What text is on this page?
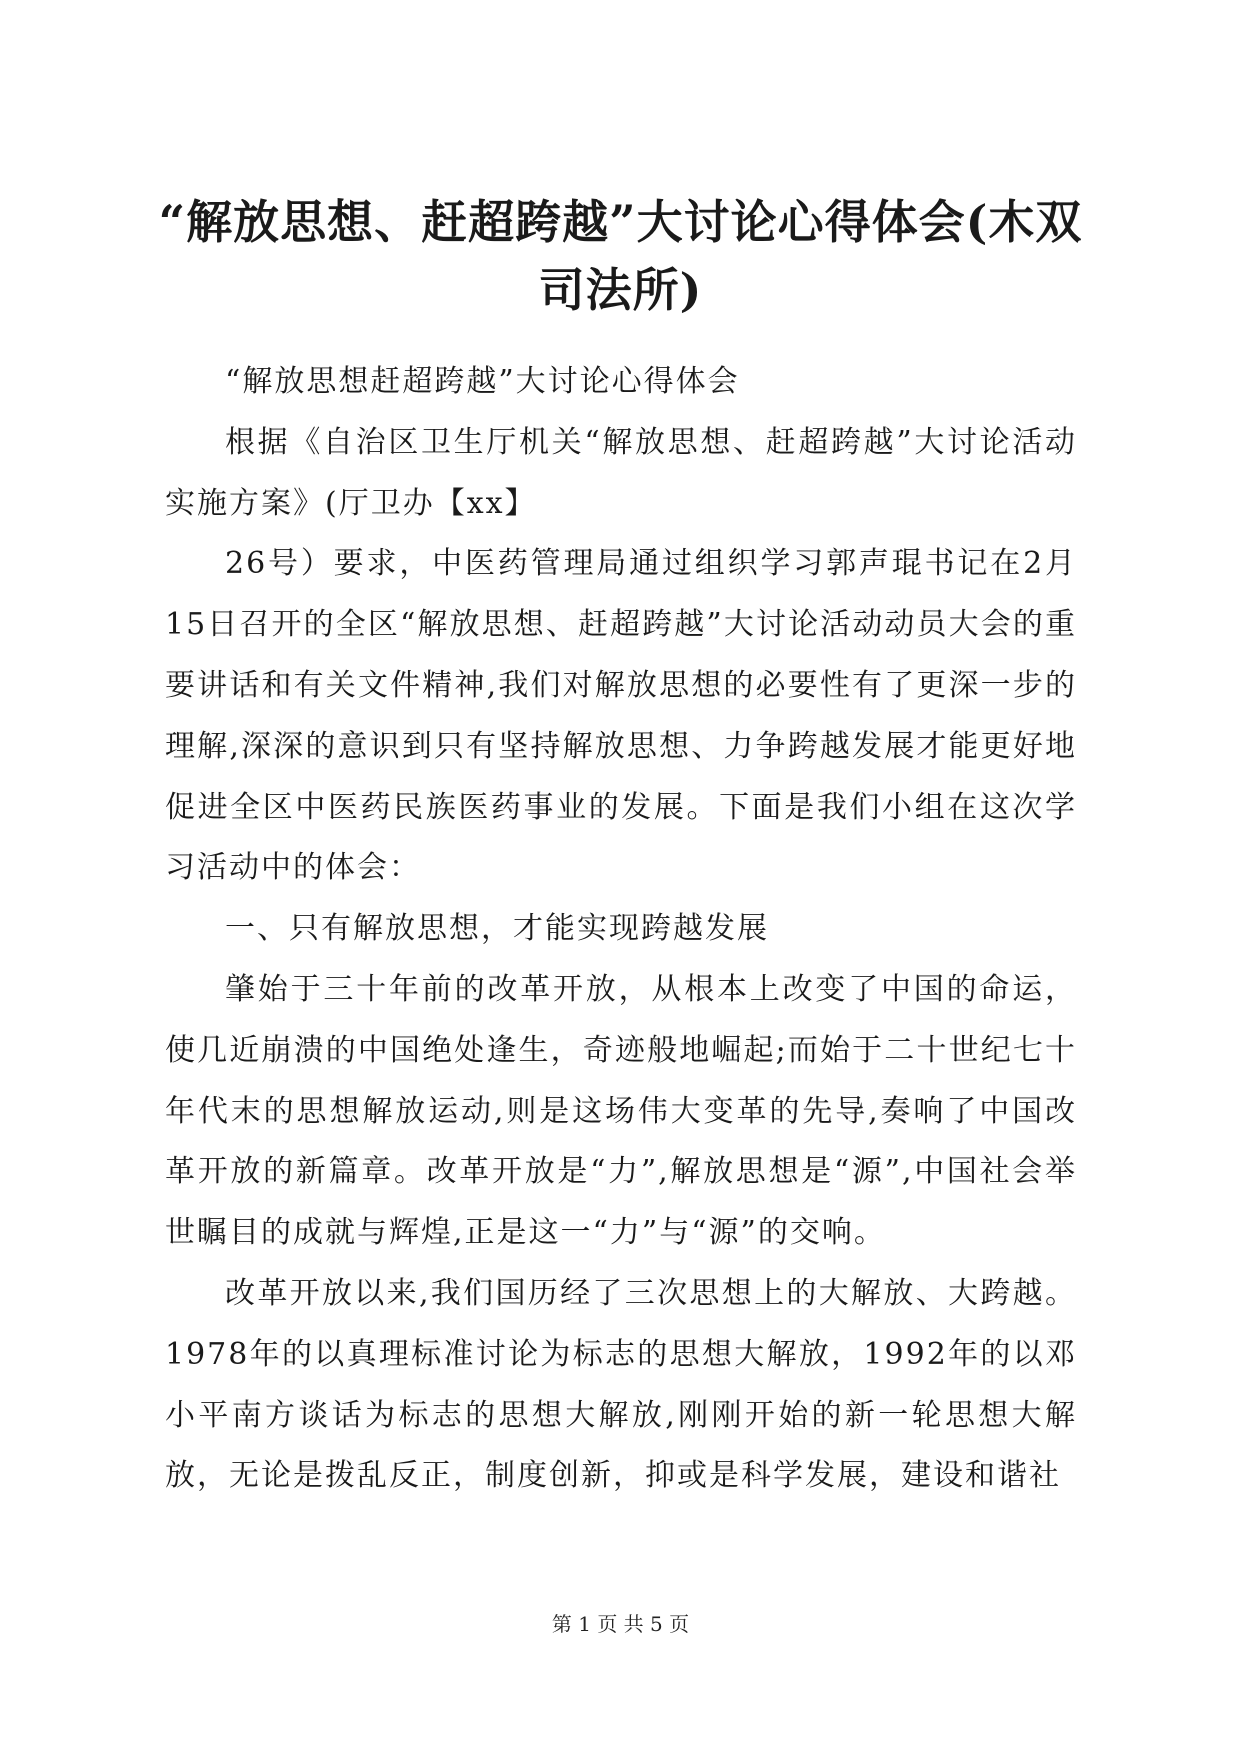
“解放思想、赶超跨越”大讨论心得体会(木双司法所)

“解放思想赶超跨越”大讨论心得体会

根据《自治区卫生厅机关“解放思想、赶超跨越”大讨论活动实施方案》(厅卫办【xx】

26号）要求，中医药管理局通过组织学习郭声琨书记在2月15日召开的全区“解放思想、赶超跨越”大讨论活动动员大会的重要讲话和有关文件精神,我们对解放思想的必要性有了更深一步的理解,深深的意识到只有坚持解放思想、力争跨越发展才能更好地促进全区中医药民族医药事业的发展。下面是我们小组在这次学习活动中的体会：

一、只有解放思想，才能实现跨越发展

肇始于三十年前的改革开放，从根本上改变了中国的命运，使几近崩溃的中国绝处逢生，奇迹般地崛起;而始于二十世纪七十年代末的思想解放运动,则是这场伟大变革的先导,奏响了中国改革开放的新篇章。改革开放是“力”,解放思想是“源”,中国社会举世瞩目的成就与辉煌,正是这一“力”与“源”的交响。

改革开放以来,我们国历经了三次思想上的大解放、大跨越。1978年的以真理标准讨论为标志的思想大解放，1992年的以邓小平南方谈话为标志的思想大解放,刚刚开始的新一轮思想大解放，无论是拨乱反正，制度创新，抑或是科学发展，建设和谐社

第 1 页 共 5 页
